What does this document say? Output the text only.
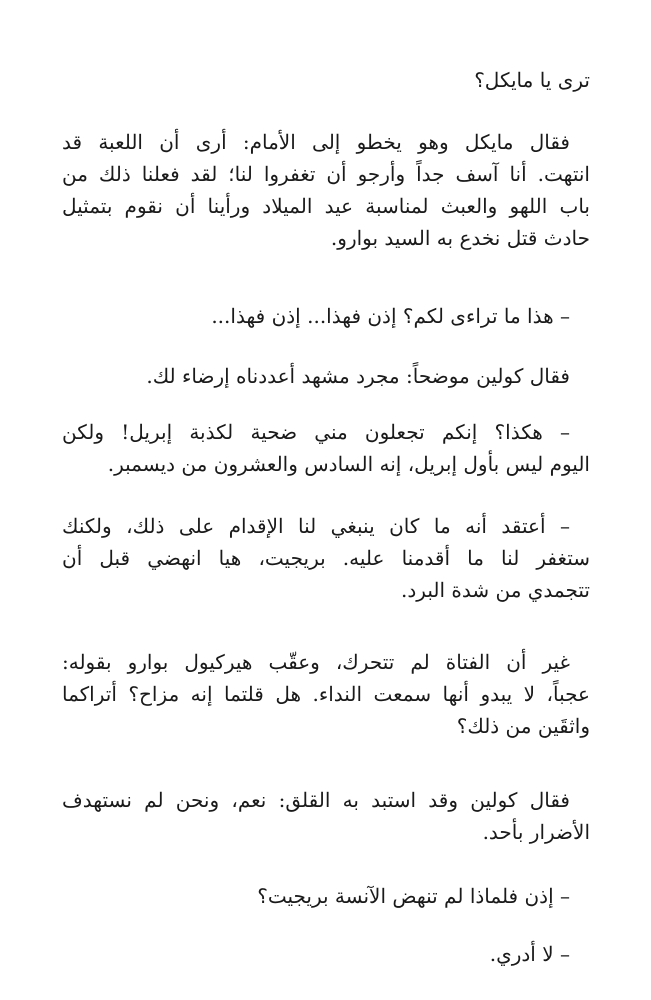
ترى يا مايكل؟
فقال مايكل وهو يخطو إلى الأمام: أرى أن اللعبة قد
انتهت. أنا آسف جداً وأرجو أن تغفروا لنا؛ لقد فعلنا ذلك من
باب اللهو والعبث لمناسبة عيد الميلاد ورأينا أن نقوم بتمثيل
حادث قتل نخدع به السيد بوارو.
– هذا ما تراءى لكم؟ إذن فهذا... إذن فهذا...
فقال كولين موضحاً: مجرد مشهد أعددناه إرضاء لك.
– هكذا؟ إنكم تجعلون مني ضحية لكذبة إبريل! ولكن
اليوم ليس بأول إبريل، إنه السادس والعشرون من ديسمبر.
– أعتقد أنه ما كان ينبغي لنا الإقدام على ذلك، ولكنك
ستغفر لنا ما أقدمنا عليه. بريجيت، هيا انهضي قبل أن
تتجمدي من شدة البرد.
غير أن الفتاة لم تتحرك، وعقّب هيركيول بوارو بقوله:
عجباً، لا يبدو أنها سمعت النداء. هل قلتما إنه مزاح؟ أتراكما
واثقَين من ذلك؟
فقال كولين وقد استبد به القلق: نعم، ونحن لم نستهدف
الأضرار بأحد.
– إذن فلماذا لم تنهض الآنسة بريجيت؟
– لا أدري.
